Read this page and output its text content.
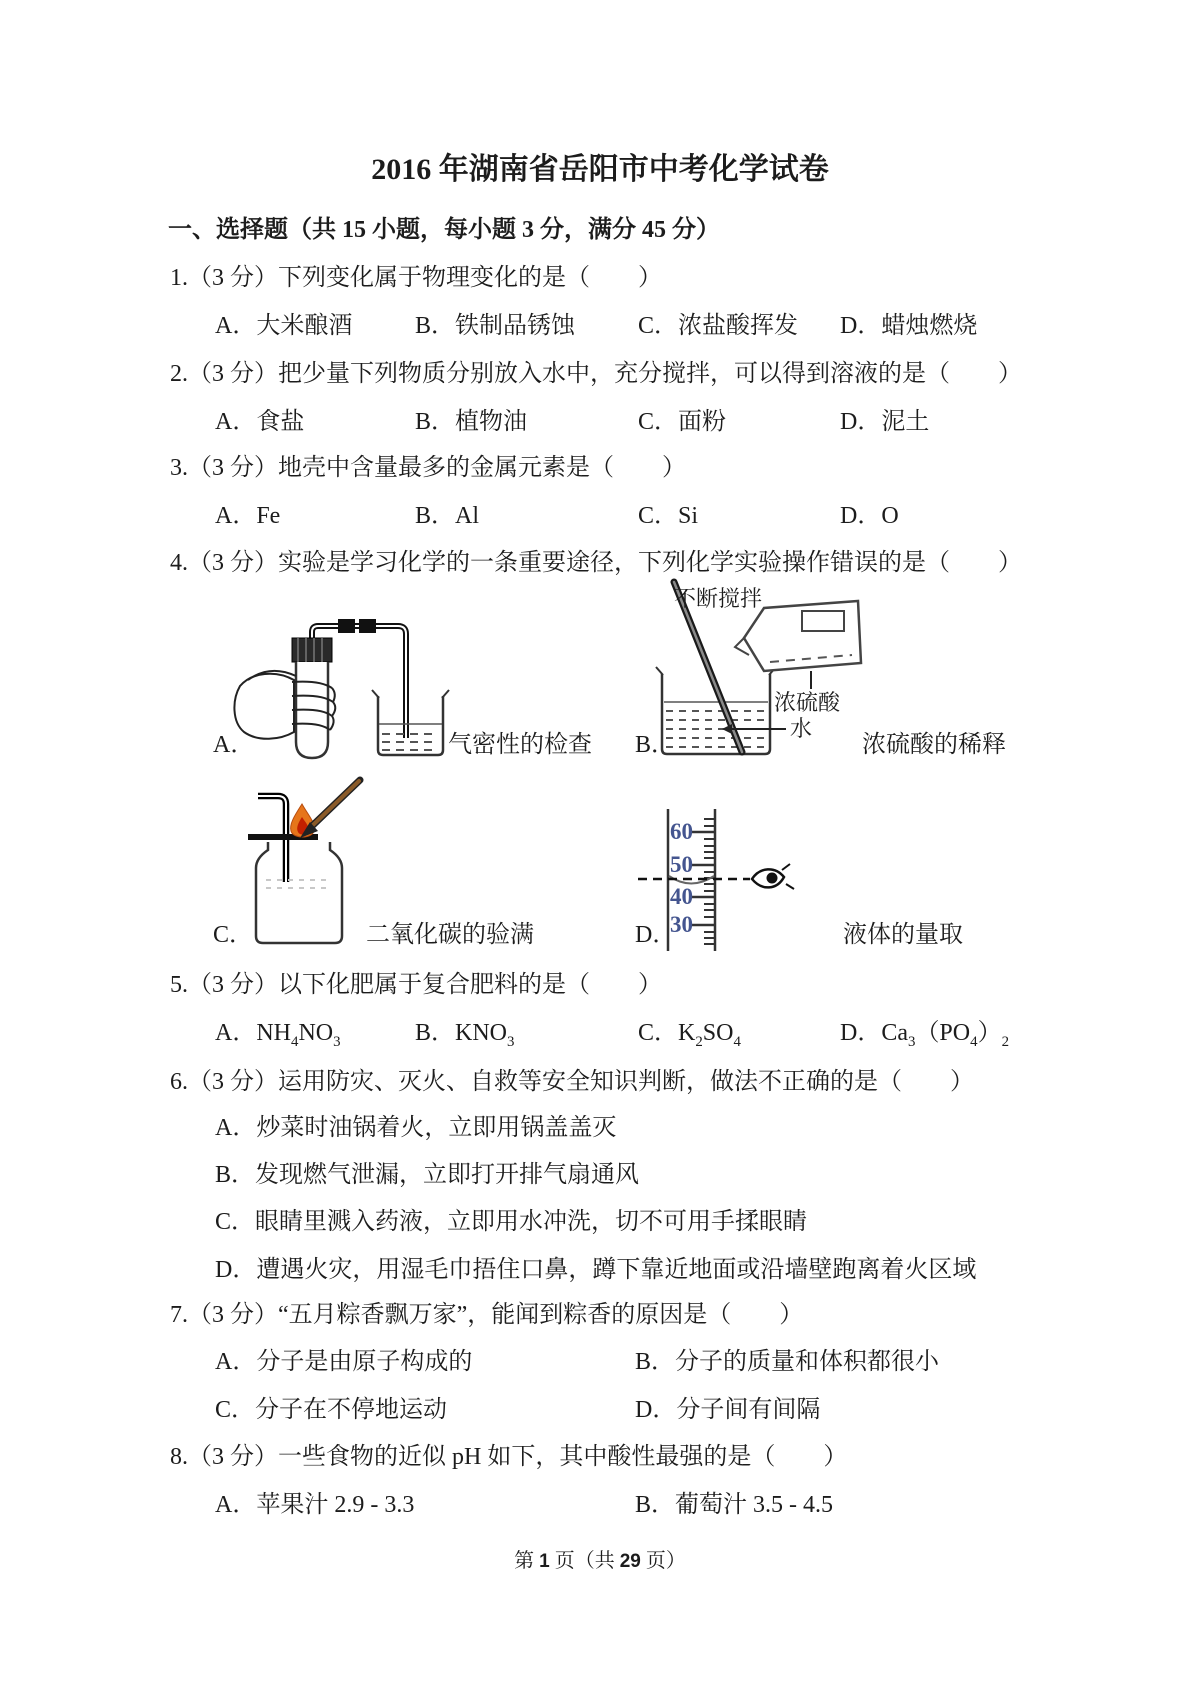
2016 年湖南省岳阳市中考化学试卷
一、选择题（共 15 小题，每小题 3 分，满分 45 分）
1.（3 分）下列变化属于物理变化的是（　　）
A．大米酿酒	B．铁制品锈蚀	C．浓盐酸挥发 D．蜡烛燃烧
2.（3 分）把少量下列物质分别放入水中，充分搅拌，可以得到溶液的是（　　）
A．食盐	B．植物油	C．面粉	D．泥土
3.（3 分）地壳中含量最多的金属元素是（　　）
A．Fe	B．Al	C．Si	D．O
4.（3 分）实验是学习化学的一条重要途径，下列化学实验操作错误的是（　　）
不断搅拌
浓硫酸
水
A．	气密性的检查 B．	浓硫酸的稀释
60
50
40
30
C．	二氧化碳的验满	D．	液体的量取
5.（3 分）以下化肥属于复合肥料的是（　　）
A．$NH_4NO_3$	B．$KNO_3$	C．$K_2SO_4$	D．$Ca_3(PO_4)_2$
6.（3 分）运用防灾、灭火、自救等安全知识判断，做法不正确的是（　　）
A．炒菜时油锅着火，立即用锅盖盖灭
B．发现燃气泄漏，立即打开排气扇通风
C．眼睛里溅入药液，立即用水冲洗，切不可用手揉眼睛
D．遭遇火灾，用湿毛巾捂住口鼻，蹲下靠近地面或沿墙壁跑离着火区域
7.（3 分）“五月粽香飘万家”，能闻到粽香的原因是（　　）
A．分子是由原子构成的	B．分子的质量和体积都很小
C．分子在不停地运动	D．分子间有间隔
8.（3 分）一些食物的近似 pH 如下，其中酸性最强的是（　　）
A．苹果汁 2.9 - 3.3	B．葡萄汁 3.5 - 4.5
第 1 页（共 29 页）
